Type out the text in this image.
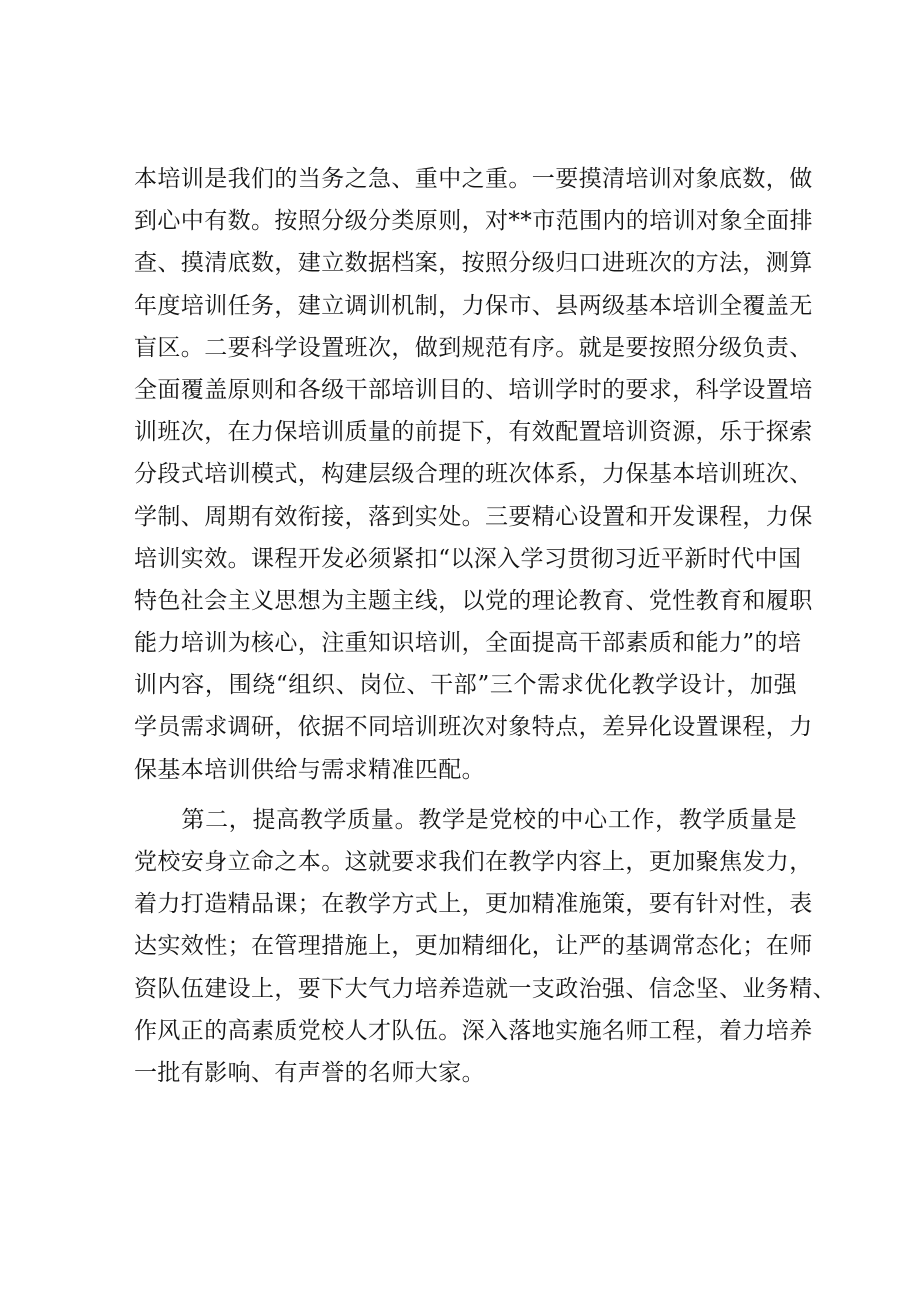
本培训是我们的当务之急、重中之重。一要摸清培训对象底数，做
到心中有数。按照分级分类原则，对**市范围内的培训对象全面排
查、摸清底数，建立数据档案，按照分级归口进班次的方法，测算
年度培训任务，建立调训机制，力保市、县两级基本培训全覆盖无
盲区。二要科学设置班次，做到规范有序。就是要按照分级负责、
全面覆盖原则和各级干部培训目的、培训学时的要求，科学设置培
训班次，在力保培训质量的前提下，有效配置培训资源，乐于探索
分段式培训模式，构建层级合理的班次体系，力保基本培训班次、
学制、周期有效衔接，落到实处。三要精心设置和开发课程，力保
培训实效。课程开发必须紧扣“以深入学习贯彻习近平新时代中国
特色社会主义思想为主题主线，以党的理论教育、党性教育和履职
能力培训为核心，注重知识培训，全面提高干部素质和能力”的培
训内容，围绕“组织、岗位、干部”三个需求优化教学设计，加强
学员需求调研，依据不同培训班次对象特点，差异化设置课程，力
保基本培训供给与需求精准匹配。
　　第二，提高教学质量。教学是党校的中心工作，教学质量是
党校安身立命之本。这就要求我们在教学内容上，更加聚焦发力，
着力打造精品课；在教学方式上，更加精准施策，要有针对性，表
达实效性；在管理措施上，更加精细化，让严的基调常态化；在师
资队伍建设上，要下大气力培养造就一支政治强、信念坚、业务精、
作风正的高素质党校人才队伍。深入落地实施名师工程，着力培养
一批有影响、有声誉的名师大家。
